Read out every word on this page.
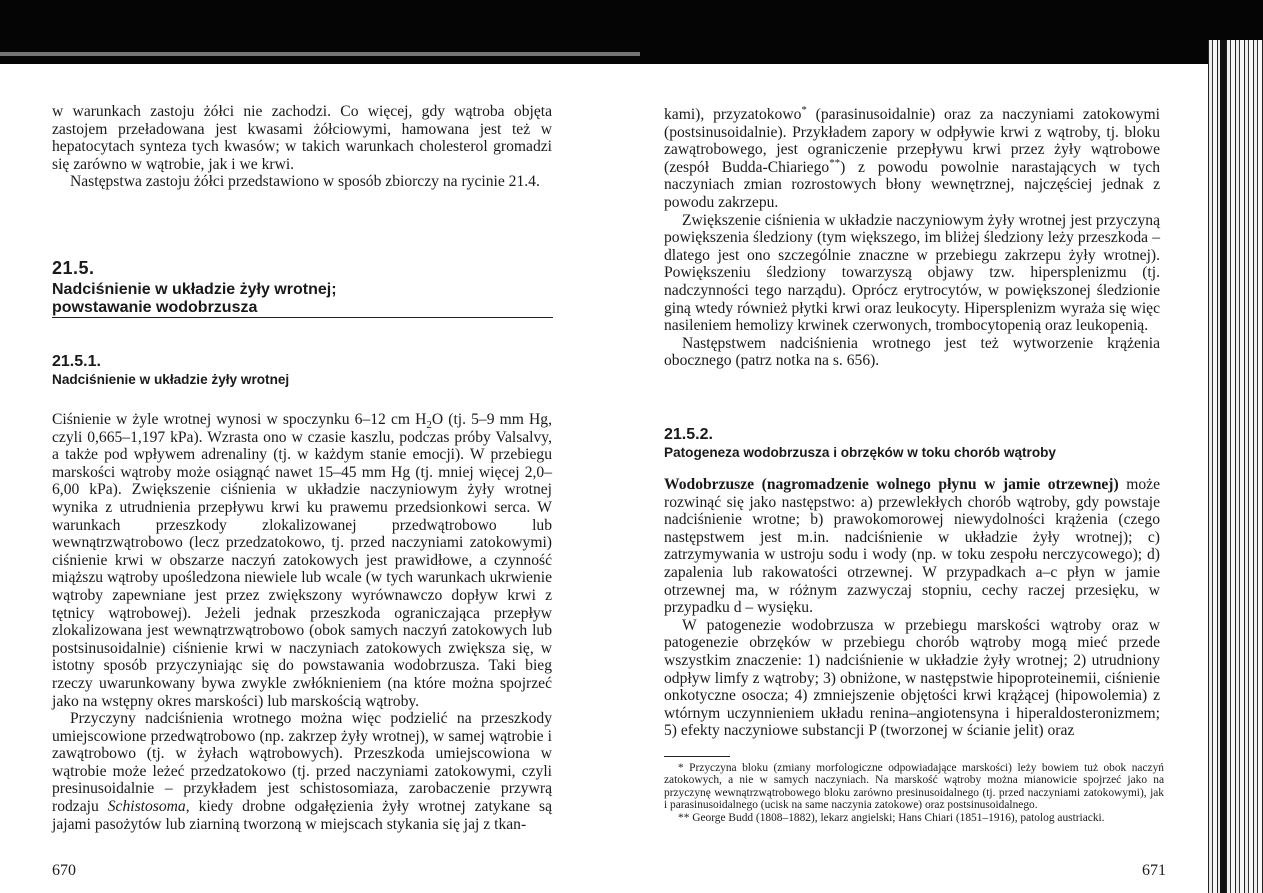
w warunkach zastoju żółci nie zachodzi. Co więcej, gdy wątroba objęta zastojem przeładowana jest kwasami żółciowymi, hamowana jest też w hepatocytach synteza tych kwasów; w takich warunkach cholesterol gromadzi się zarówno w wątrobie, jak i we krwi.

Następstwa zastoju żółci przedstawiono w sposób zbiorczy na rycinie 21.4.

21.5.
Nadciśnienie w układzie żyły wrotnej;
powstawanie wodobrzusza
21.5.1.
Nadciśnienie w układzie żyły wrotnej

Ciśnienie w żyle wrotnej wynosi w spoczynku 6–12 cm $H_2O$ (tj. 5–9 mm Hg, czyli 0,665–1,197 kPa). Wzrasta ono w czasie kaszlu, podczas próby Valsalvy, a także pod wpływem adrenaliny (tj. w każdym stanie emocji). W przebiegu marskości wątroby może osiągnąć nawet 15–45 mm Hg (tj. mniej więcej 2,0–6,00 kPa). Zwiększenie ciśnienia w układzie naczyniowym żyły wrotnej wynika z utrudnienia przepływu krwi ku prawemu przedsionkowi serca. W warunkach przeszkody zlokalizowanej przedwątrobowo lub wewnątrzwątrobowo (lecz przedzatokowo, tj. przed naczyniami zatokowymi) ciśnienie krwi w obszarze naczyń zatokowych jest prawidłowe, a czynność miąższu wątroby upośledzona niewiele lub wcale (w tych warunkach ukrwienie wątroby zapewniane jest przez zwiększony wyrównawczo dopływ krwi z tętnicy wątrobowej). Jeżeli jednak przeszkoda ograniczająca przepływ zlokalizowana jest wewnątrzwątrobowo (obok samych naczyń zatokowych lub postsinusoidalnie) ciśnienie krwi w naczyniach zatokowych zwiększa się, w istotny sposób przyczyniając się do powstawania wodobrzusza. Taki bieg rzeczy uwarunkowany bywa zwykle zwłóknieniem (na które można spojrzeć jako na wstępny okres marskości) lub marskością wątroby.

Przyczyny nadciśnienia wrotnego można więc podzielić na przeszkody umiejscowione przedwątrobowo (np. zakrzep żyły wrotnej), w samej wątrobie i zawątrobowo (tj. w żyłach wątrobowych). Przeszkoda umiejscowiona w wątrobie może leżeć przedzatokowo (tj. przed naczyniami zatokowymi, czyli presinusoidalnie – przykładem jest schistosomiaza, zarobaczenie przywrą rodzaju Schistosoma, kiedy drobne odgałęzienia żyły wrotnej zatykane są jajami pasożytów lub ziarniną tworzoną w miejscach stykania się jaj z tkan-

670

kami), przyzatokowo* (parasinusoidalnie) oraz za naczyniami zatokowymi (postsinusoidalnie). Przykładem zapory w odpływie krwi z wątroby, tj. bloku zawątrobowego, jest ograniczenie przepływu krwi przez żyły wątrobowe (zespół Budda-Chiariego**) z powodu powolnie narastających w tych naczyniach zmian rozrostowych błony wewnętrznej, najczęściej jednak z powodu zakrzepu.

Zwiększenie ciśnienia w układzie naczyniowym żyły wrotnej jest przyczyną powiększenia śledziony (tym większego, im bliżej śledziony leży przeszkoda – dlatego jest ono szczególnie znaczne w przebiegu zakrzepu żyły wrotnej). Powiększeniu śledziony towarzyszą objawy tzw. hipersplenizmu (tj. nadczynności tego narządu). Oprócz erytrocytów, w powiększonej śledzionie giną wtedy również płytki krwi oraz leukocyty. Hipersplenizm wyraża się więc nasileniem hemolizy krwinek czerwonych, trombocytopenią oraz leukopenią.

Następstwem nadciśnienia wrotnego jest też wytworzenie krążenia obocznego (patrz notka na s. 656).

21.5.2.
Patogeneza wodobrzusza i obrzęków w toku chorób wątroby

Wodobrzusze (nagromadzenie wolnego płynu w jamie otrzewnej) może rozwinąć się jako następstwo: a) przewlekłych chorób wątroby, gdy powstaje nadciśnienie wrotne; b) prawokomorowej niewydolności krążenia (czego następstwem jest m.in. nadciśnienie w układzie żyły wrotnej); c) zatrzymywania w ustroju sodu i wody (np. w toku zespołu nerczycowego); d) zapalenia lub rakowatości otrzewnej. W przypadkach a–c płyn w jamie otrzewnej ma, w różnym zazwyczaj stopniu, cechy raczej przesięku, w przypadku d – wysięku.

W patogenezie wodobrzusza w przebiegu marskości wątroby oraz w patogenezie obrzęków w przebiegu chorób wątroby mogą mieć przede wszystkim znaczenie: 1) nadciśnienie w układzie żyły wrotnej; 2) utrudniony odpływ limfy z wątroby; 3) obniżone, w następstwie hipoproteinemii, ciśnienie onkotyczne osocza; 4) zmniejszenie objętości krwi krążącej (hipowolemia) z wtórnym uczynnieniem układu renina–angiotensyna i hiperaldosteronizmem; 5) efekty naczyniowe substancji P (tworzonej w ścianie jelit) oraz

* Przyczyna bloku (zmiany morfologiczne odpowiadające marskości) leży bowiem tuż obok naczyń zatokowych, a nie w samych naczyniach. Na marskość wątroby można mianowicie spojrzeć jako na przyczynę wewnątrzwątrobowego bloku zarówno presinusoidalnego (tj. przed naczyniami zatokowymi), jak i parasinusoidalnego (ucisk na same naczynia zatokowe) oraz postsinusoidalnego.

** George Budd (1808–1882), lekarz angielski; Hans Chiari (1851–1916), patolog austriacki.

671
